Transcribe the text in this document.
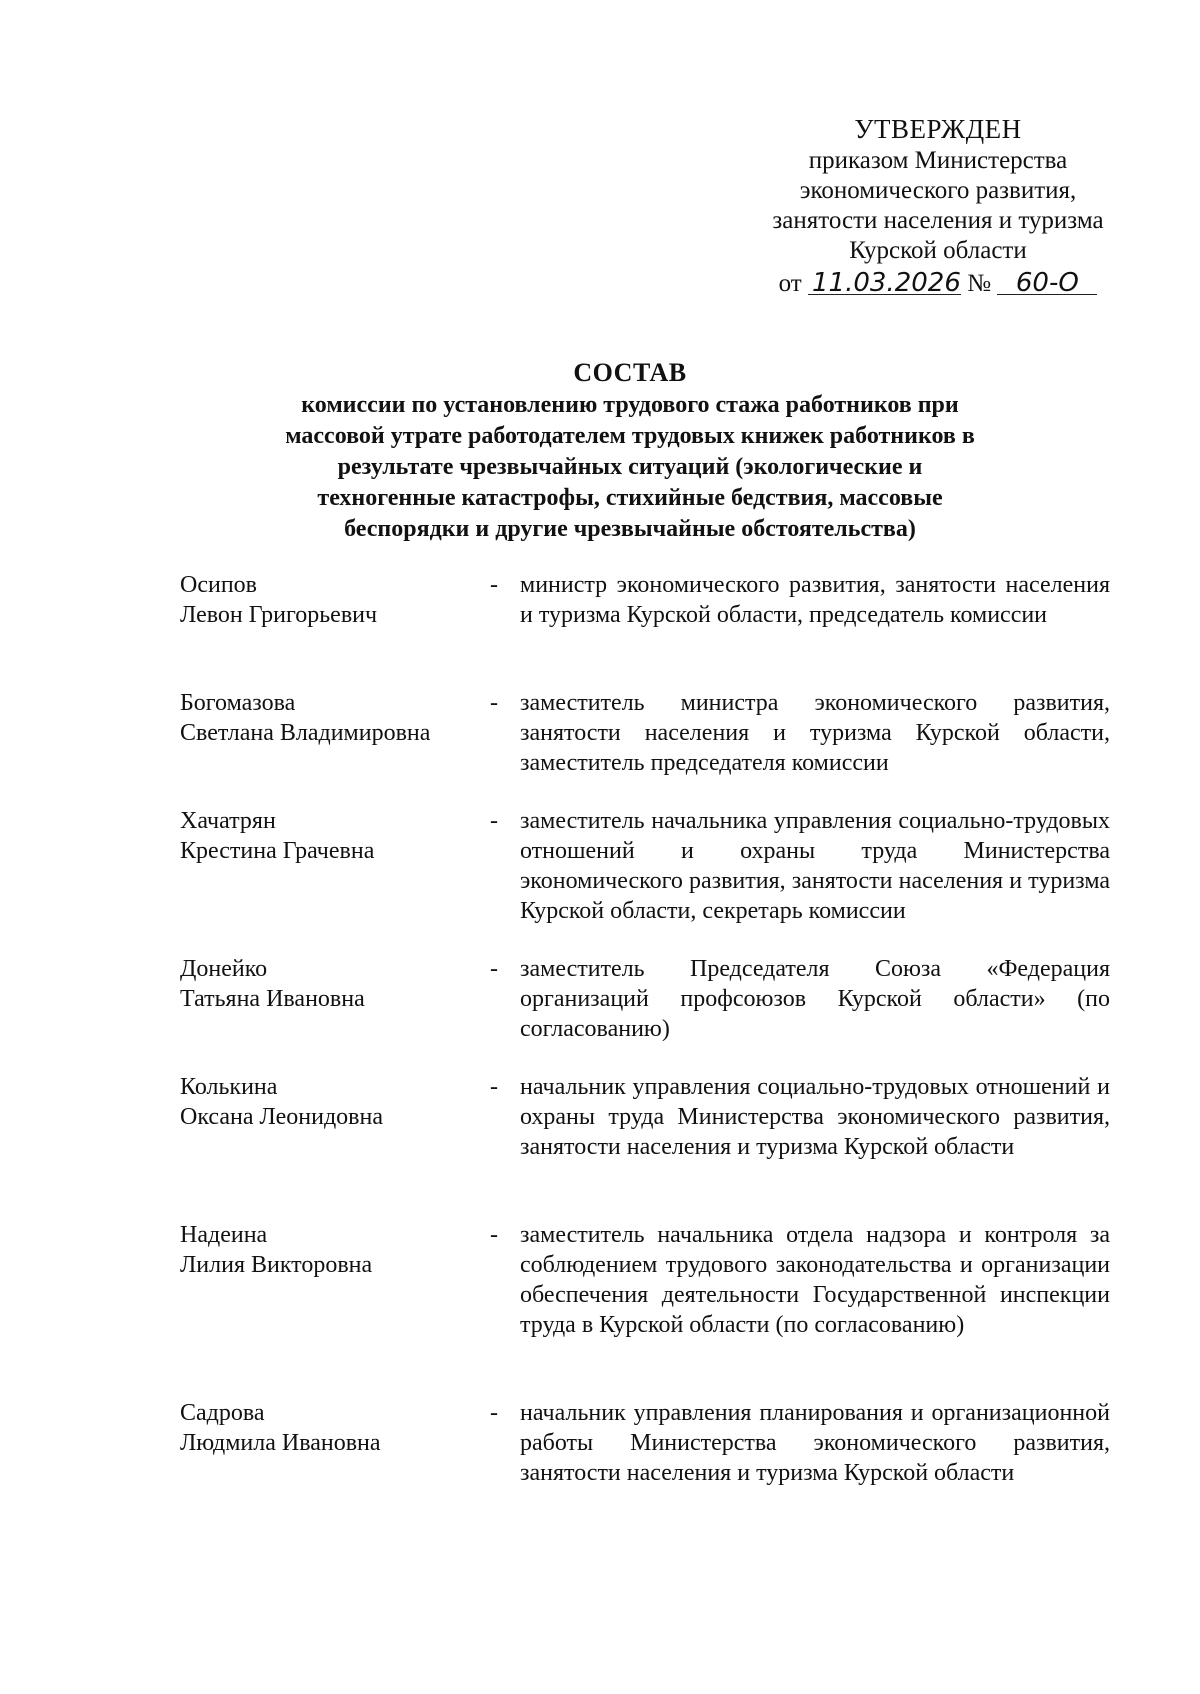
УТВЕРЖДЕН
приказом Министерства
экономического развития,
занятости населения и туризма
Курской области
от 11.03.2026 № 60-О
СОСТАВ
комиссии по установлению трудового стажа работников при
массовой утрате работодателем трудовых книжек работников в
результате чрезвычайных ситуаций (экологические и
техногенные катастрофы, стихийные бедствия, массовые
беспорядки и другие чрезвычайные обстоятельства)
Осипов
Левон Григорьевич
- министр экономического развития, занятости населения и туризма Курской области, председатель комиссии
Богомазова
Светлана Владимировна
- заместитель министра экономического развития, занятости населения и туризма Курской области, заместитель председателя комиссии
Хачатрян
Крестина Грачевна
- заместитель начальника управления социально-трудовых отношений и охраны труда Министерства экономического развития, занятости населения и туризма Курской области, секретарь комиссии
Донейко
Татьяна Ивановна
- заместитель Председателя Союза «Федерация организаций профсоюзов Курской области» (по согласованию)
Колькина
Оксана Леонидовна
- начальник управления социально-трудовых отношений и охраны труда Министерства экономического развития, занятости населения и туризма Курской области
Надеина
Лилия Викторовна
- заместитель начальника отдела надзора и контроля за соблюдением трудового законодательства и организации обеспечения деятельности Государственной инспекции труда в Курской области (по согласованию)
Садрова
Людмила Ивановна
- начальник управления планирования и организационной работы Министерства экономического развития, занятости населения и туризма Курской области
